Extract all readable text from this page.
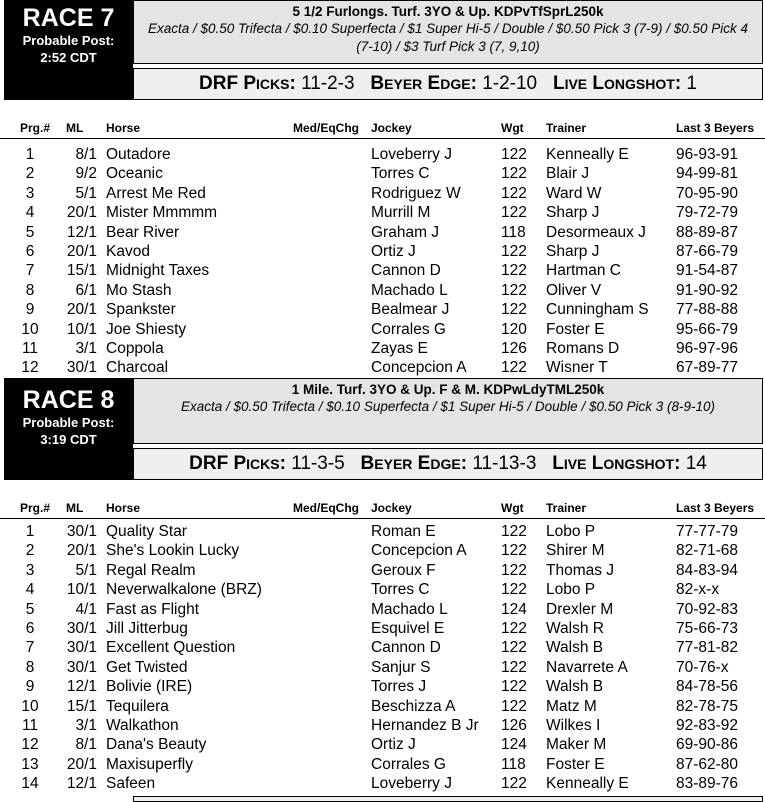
RACE 7
Probable Post:
2:52 CDT
5 1/2 Furlongs. Turf. 3YO & Up. KDPvTfSprL250k
Exacta / $0.50 Trifecta / $0.10 Superfecta / $1 Super Hi-5 / Double / $0.50 Pick 3 (7-9) / $0.50 Pick 4 (7-10) / $3 Turf Pick 3 (7, 9,10)
DRF PICKS: 11-2-3 BEYER EDGE: 1-2-10 LIVE LONGSHOT: 1
Prg.# ML Horse	Med/EqChg Jockey	Wgt Trainer	Last 3 Beyers
1	8/1 Outadore	Loveberry J	122 Kenneally E	96-93-91
2	9/2 Oceanic	Torres C	122 Blair J	94-99-81
3	5/1 Arrest Me Red	Rodriguez W	122 Ward W	70-95-90
4	20/1 Mister Mmmmm	Murrill M	122 Sharp J	79-72-79
5	12/1 Bear River	Graham J	118 Desormeaux J 88-89-87
6	20/1 Kavod	Ortiz J	122 Sharp J	87-66-79
7	15/1 Midnight Taxes	Cannon D	122 Hartman C	91-54-87
8	6/1 Mo Stash	Machado L	122 Oliver V	91-90-92
9	20/1 Spankster	Bealmear J	122 Cunningham S 77-88-88
10	10/1 Joe Shiesty	Corrales G	120 Foster E	95-66-79
11	3/1 Coppola	Zayas E	126 Romans D	96-97-96
12	30/1 Charcoal	Concepcion A 122 Wisner T	67-89-77
RACE 8
Probable Post:
3:19 CDT
1 Mile. Turf. 3YO & Up. F & M. KDPwLdyTML250k
Exacta / $0.50 Trifecta / $0.10 Superfecta / $1 Super Hi-5 / Double / $0.50 Pick 3 (8-9-10)
DRF PICKS: 11-3-5 BEYER EDGE: 11-13-3 LIVE LONGSHOT: 14
Prg.# ML Horse	Med/EqChg Jockey	Wgt Trainer	Last 3 Beyers
1	30/1 Quality Star	Roman E	122 Lobo P	77-77-79
2	20/1 She's Lookin Lucky	Concepcion A 122 Shirer M	82-71-68
3	5/1 Regal Realm	Geroux F	122 Thomas J	84-83-94
4	10/1 Neverwalkalone (BRZ)	Torres C	122 Lobo P	82-x-x
5	4/1 Fast as Flight	Machado L	124 Drexler M	70-92-83
6	30/1 Jill Jitterbug	Esquivel E	122 Walsh R	75-66-73
7	30/1 Excellent Question	Cannon D	122 Walsh B	77-81-82
8	30/1 Get Twisted	Sanjur S	122 Navarrete A	70-76-x
9	12/1 Bolivie (IRE)	Torres J	122 Walsh B	84-78-56
10	15/1 Tequilera	Beschizza A	122 Matz M	82-78-75
11	3/1 Walkathon	Hernandez B Jr 126 Wilkes I	92-83-92
12	8/1 Dana's Beauty	Ortiz J	124 Maker M	69-90-86
13	20/1 Maxisuperfly	Corrales G	118 Foster E	87-62-80
14	12/1 Safeen	Loveberry J	122 Kenneally E	83-89-76
